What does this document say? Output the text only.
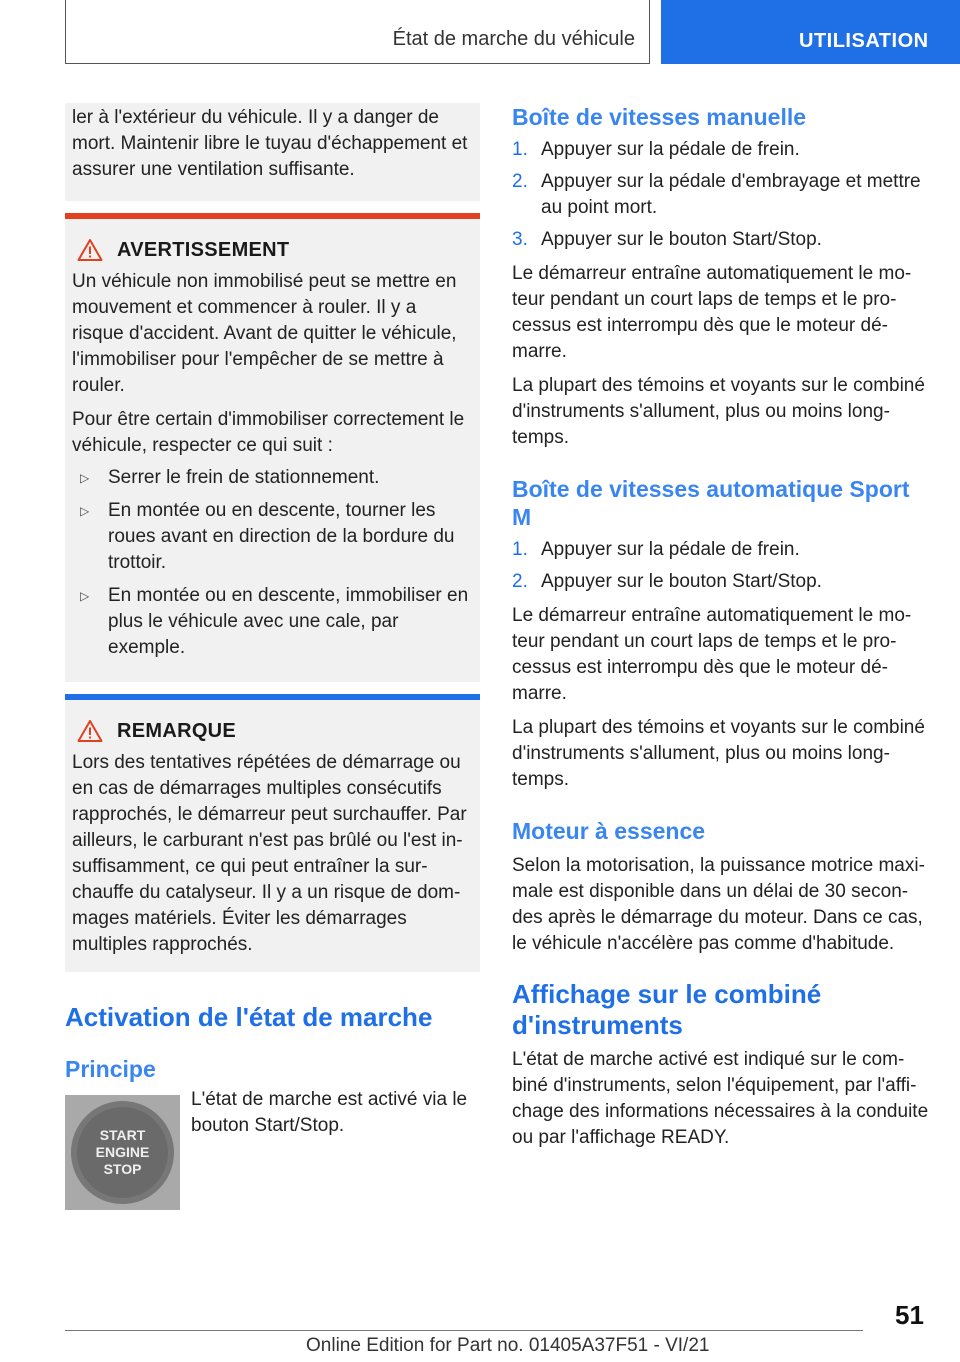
État de marche du véhicule	UTILISATION

ler à l'extérieur du véhicule. Il y a danger de mort. Maintenir libre le tuyau d'échappement et assurer une ventilation suffisante.

AVERTISSEMENT

Un véhicule non immobilisé peut se mettre en mouvement et commencer à rouler. Il y a risque d'accident. Avant de quitter le véhicule, l'immobiliser pour l'empêcher de se mettre à rouler.

Pour être certain d'immobiliser correctement le véhicule, respecter ce qui suit :

▷ Serrer le frein de stationnement.
▷ En montée ou en descente, tourner les roues avant en direction de la bordure du trottoir.
▷ En montée ou en descente, immobiliser en plus le véhicule avec une cale, par exemple.
REMARQUE

Lors des tentatives répétées de démarrage ou en cas de démarrages multiples consécutifs rapprochés, le démarreur peut surchauffer. Par ailleurs, le carburant n'est pas brûlé ou l'est insuffisamment, ce qui peut entraîner la surchauffe du catalyseur. Il y a un risque de dommages matériels. Éviter les démarrages multiples rapprochés.

Activation de l'état de marche
Principe
START
ENGINE
STOP

L'état de marche est activé via le bouton Start/Stop.

Boîte de vitesses manuelle
1. Appuyer sur la pédale de frein.
2. Appuyer sur la pédale d'embrayage et mettre au point mort.
3. Appuyer sur le bouton Start/Stop.

Le démarreur entraîne automatiquement le moteur pendant un court laps de temps et le processus est interrompu dès que le moteur démarre.

La plupart des témoins et voyants sur le combiné d'instruments s'allument, plus ou moins longtemps.

Boîte de vitesses automatique Sport M
1. Appuyer sur la pédale de frein.
2. Appuyer sur le bouton Start/Stop.

Le démarreur entraîne automatiquement le moteur pendant un court laps de temps et le processus est interrompu dès que le moteur démarre.

La plupart des témoins et voyants sur le combiné d'instruments s'allument, plus ou moins longtemps.

Moteur à essence

Selon la motorisation, la puissance motrice maximale est disponible dans un délai de 30 secondes après le démarrage du moteur. Dans ce cas, le véhicule n'accélère pas comme d'habitude.

Affichage sur le combiné d'instruments

L'état de marche activé est indiqué sur le combiné d'instruments, selon l'équipement, par l'affichage des informations nécessaires à la conduite ou par l'affichage READY.

51
Online Edition for Part no. 01405A37F51 - VI/21
